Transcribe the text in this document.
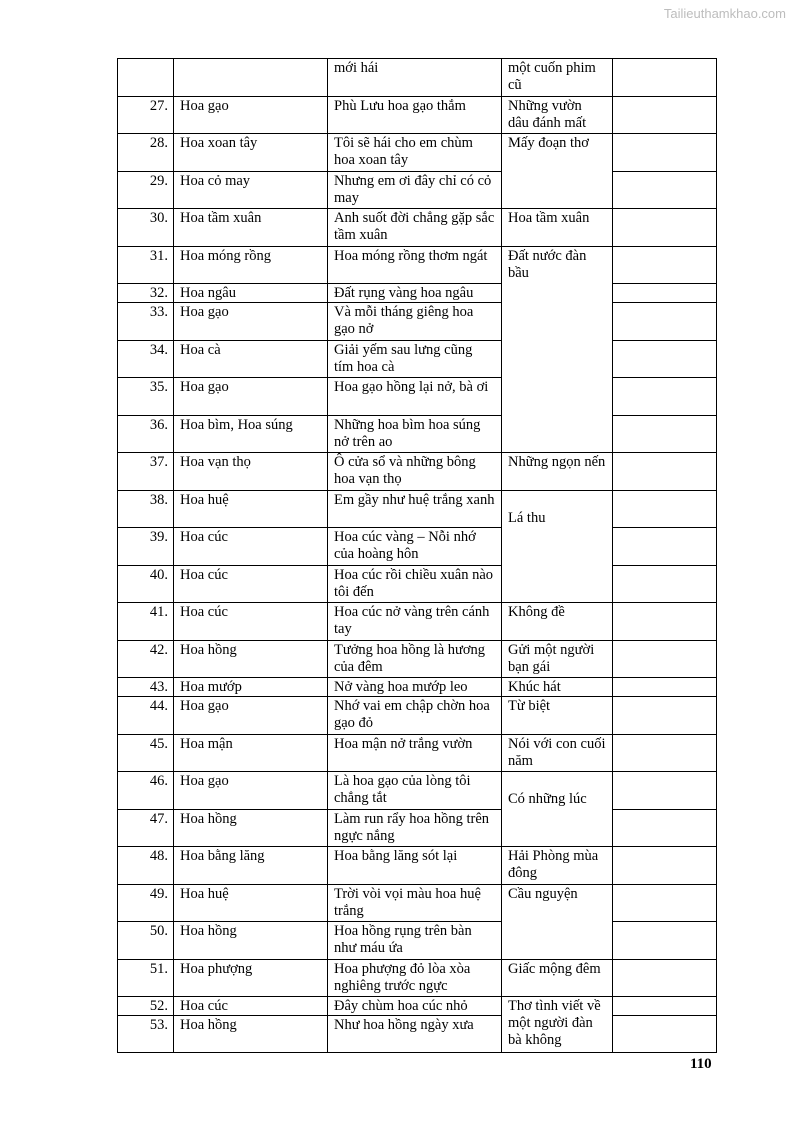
Tailieuthamkhao.com
		mới hái	một cuốn phim cũ	
27.	Hoa gạo	Phù Lưu hoa gạo thắm	Những vườn dâu đánh mất	
28.	Hoa xoan tây	Tôi sẽ hái cho em chùm hoa xoan tây	Mấy đoạn thơ	
29.	Hoa cỏ may	Nhưng em ơi đây chỉ có cỏ may		
30.	Hoa tầm xuân	Anh suốt đời chẳng gặp sắc tầm xuân	Hoa tầm xuân	
31.	Hoa móng rồng	Hoa móng rồng thơm ngát	Đất nước đàn bầu	
32.	Hoa ngâu	Đất rụng vàng hoa ngâu		
33.	Hoa gạo	Và mỗi tháng giêng hoa gạo nở		
34.	Hoa cà	Giải yếm sau lưng cũng tím hoa cà		
35.	Hoa gạo	Hoa gạo hồng lại nở, bà ơi		
36.	Hoa bìm, Hoa súng	Những hoa bìm hoa súng nở trên ao		
37.	Hoa vạn thọ	Ô cửa sổ và những bông hoa vạn thọ	Những ngọn nến	
38.	Hoa huệ	Em gầy như huệ trắng xanh	Lá thu	
39.	Hoa cúc	Hoa cúc vàng – Nỗi nhớ của hoàng hôn		
40.	Hoa cúc	Hoa cúc rồi chiều xuân nào tôi đến		
41.	Hoa cúc	Hoa cúc nở vàng trên cánh tay	Không đề	
42.	Hoa hồng	Tưởng hoa hồng là hương của đêm	Gửi một người bạn gái	
43.	Hoa mướp	Nở vàng hoa mướp leo	Khúc hát	
44.	Hoa gạo	Nhớ vai em chập chờn hoa gạo đỏ	Từ biệt	
45.	Hoa mận	Hoa mận nở trắng vườn	Nói với con cuối năm	
46.	Hoa gạo	Là hoa gạo của lòng tôi chẳng tắt	Có những lúc	
47.	Hoa hồng	Làm run rẩy hoa hồng trên ngực nắng		
48.	Hoa bằng lăng	Hoa bằng lăng sót lại	Hải Phòng mùa đông	
49.	Hoa huệ	Trời vòi vọi màu hoa huệ trắng	Cầu nguyện	
50.	Hoa hồng	Hoa hồng rụng trên bàn như máu ứa		
51.	Hoa phượng	Hoa phượng đỏ lòa xòa nghiêng trước ngực	Giấc mộng đêm	
52.	Hoa cúc	Đây chùm hoa cúc nhỏ	Thơ tình viết về một người đàn bà không	
53.	Hoa hồng	Như hoa hồng ngày xưa		
110
